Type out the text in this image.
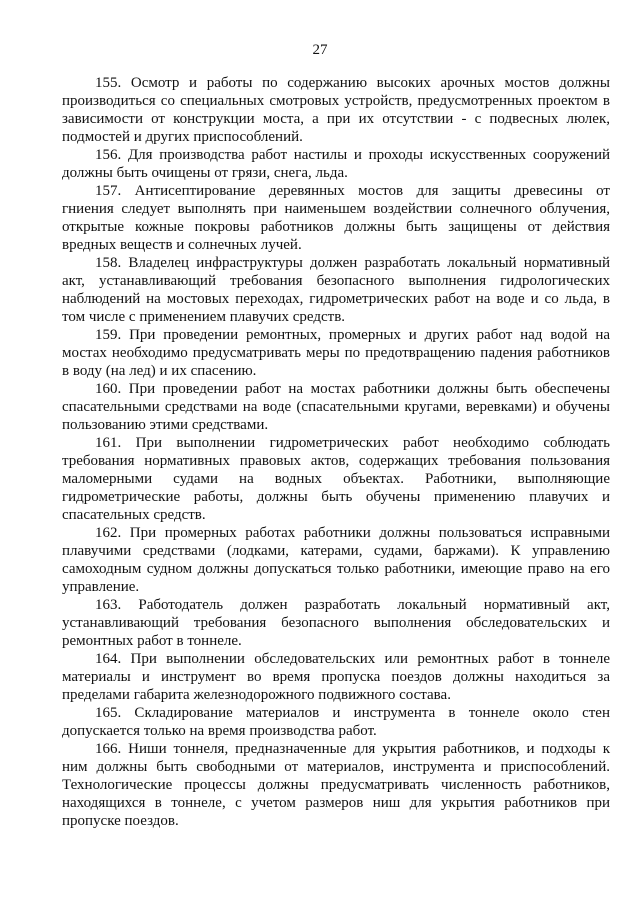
27
155. Осмотр и работы по содержанию высоких арочных мостов должны
производиться со специальных смотровых устройств, предусмотренных проектом в
зависимости от конструкции моста, а при их отсутствии - с подвесных люлек,
подмостей и других приспособлений.
156. Для производства работ настилы и проходы искусственных сооружений
должны быть очищены от грязи, снега, льда.
157. Антисептирование деревянных мостов для защиты древесины от
гниения следует выполнять при наименьшем воздействии солнечного облучения,
открытые кожные покровы работников должны быть защищены от действия
вредных веществ и солнечных лучей.
158. Владелец инфраструктуры должен разработать локальный нормативный
акт, устанавливающий требования безопасного выполнения гидрологических
наблюдений на мостовых переходах, гидрометрических работ на воде и со льда, в
том числе с применением плавучих средств.
159. При проведении ремонтных, промерных и других работ над водой на
мостах необходимо предусматривать меры по предотвращению падения работников
в воду (на лед) и их спасению.
160. При проведении работ на мостах работники должны быть обеспечены
спасательными средствами на воде (спасательными кругами, веревками) и обучены
пользованию этими средствами.
161. При выполнении гидрометрических работ необходимо соблюдать
требования нормативных правовых актов, содержащих требования пользования
маломерными судами на водных объектах. Работники, выполняющие
гидрометрические работы, должны быть обучены применению плавучих и
спасательных средств.
162. При промерных работах работники должны пользоваться исправными
плавучими средствами (лодками, катерами, судами, баржами). К управлению
самоходным судном должны допускаться только работники, имеющие право на его
управление.
163. Работодатель должен разработать локальный нормативный акт,
устанавливающий требования безопасного выполнения обследовательских и
ремонтных работ в тоннеле.
164. При выполнении обследовательских или ремонтных работ в тоннеле
материалы и инструмент во время пропуска поездов должны находиться за
пределами габарита железнодорожного подвижного состава.
165. Складирование материалов и инструмента в тоннеле около стен
допускается только на время производства работ.
166. Ниши тоннеля, предназначенные для укрытия работников, и подходы к
ним должны быть свободными от материалов, инструмента и приспособлений.
Технологические процессы должны предусматривать численность работников,
находящихся в тоннеле, с учетом размеров ниш для укрытия работников при
пропуске поездов.
